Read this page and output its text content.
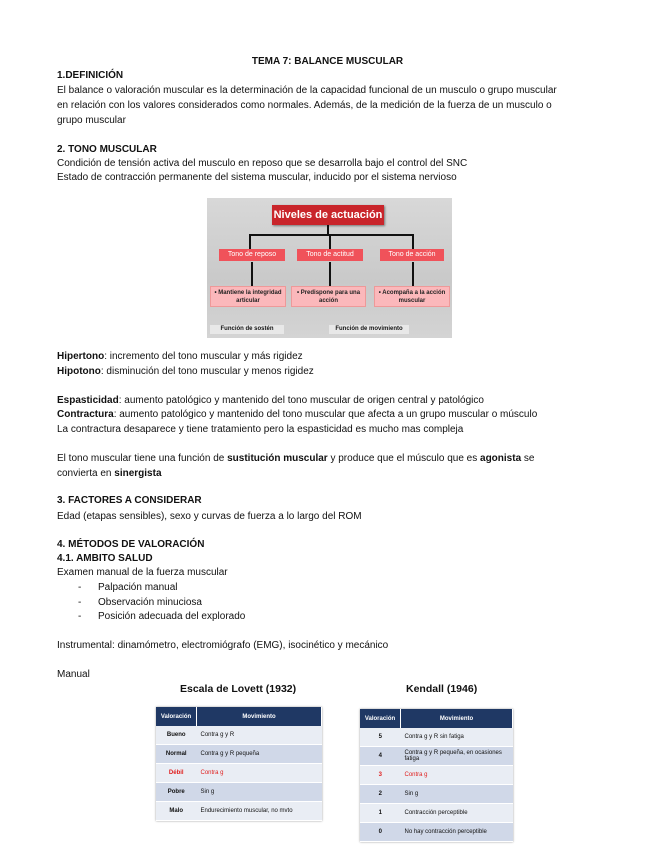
TEMA 7: BALANCE MUSCULAR
1.DEFINICIÓN
El balance o valoración muscular es la determinación de la capacidad funcional de un musculo o grupo muscular
en relación con los valores considerados como normales. Además, de la medición de la fuerza de un musculo o
grupo muscular
2. TONO MUSCULAR
Condición de tensión activa del musculo en reposo que se desarrolla bajo el control del SNC
Estado de contracción permanente del sistema muscular, inducido por el sistema nervioso
Niveles de actuación
Tono de reposo	Tono de actitud	Tono de acción
• Mantiene la integridad articular
• Predispone para una acción
• Acompaña a la acción muscular
Función de sostén	Función de movimiento
Hipertono: incremento del tono muscular y más rigidez
Hipotono: disminución del tono muscular y menos rigidez
Espasticidad: aumento patológico y mantenido del tono muscular de origen central y patológico
Contractura: aumento patológico y mantenido del tono muscular que afecta a un grupo muscular o músculo
La contractura desaparece y tiene tratamiento pero la espasticidad es mucho mas compleja
El tono muscular tiene una función de sustitución muscular y produce que el músculo que es agonista se
convierta en sinergista
3. FACTORES A CONSIDERAR
Edad (etapas sensibles), sexo y curvas de fuerza a lo largo del ROM
4. MÉTODOS DE VALORACIÓN
4.1. AMBITO SALUD
Examen manual de la fuerza muscular
- Palpación manual
- Observación minuciosa
- Posición adecuada del explorado
Instrumental: dinamómetro, electromiógrafo (EMG), isocinético y mecánico
Manual
Escala de Lovett (1932)	Kendall (1946)
Valoración	Movimiento
Bueno	Contra g y R
Normal	Contra g y R pequeña
Débil	Contra g
Pobre	Sin g
Malo	Endurecimiento muscular, no mvto
Valoración	Movimiento
5	Contra g y R sin fatiga
4	Contra g y R pequeña, en ocasiones fatiga
3	Contra g
2	Sin g
1	Contracción perceptible
0	No hay contracción perceptible
